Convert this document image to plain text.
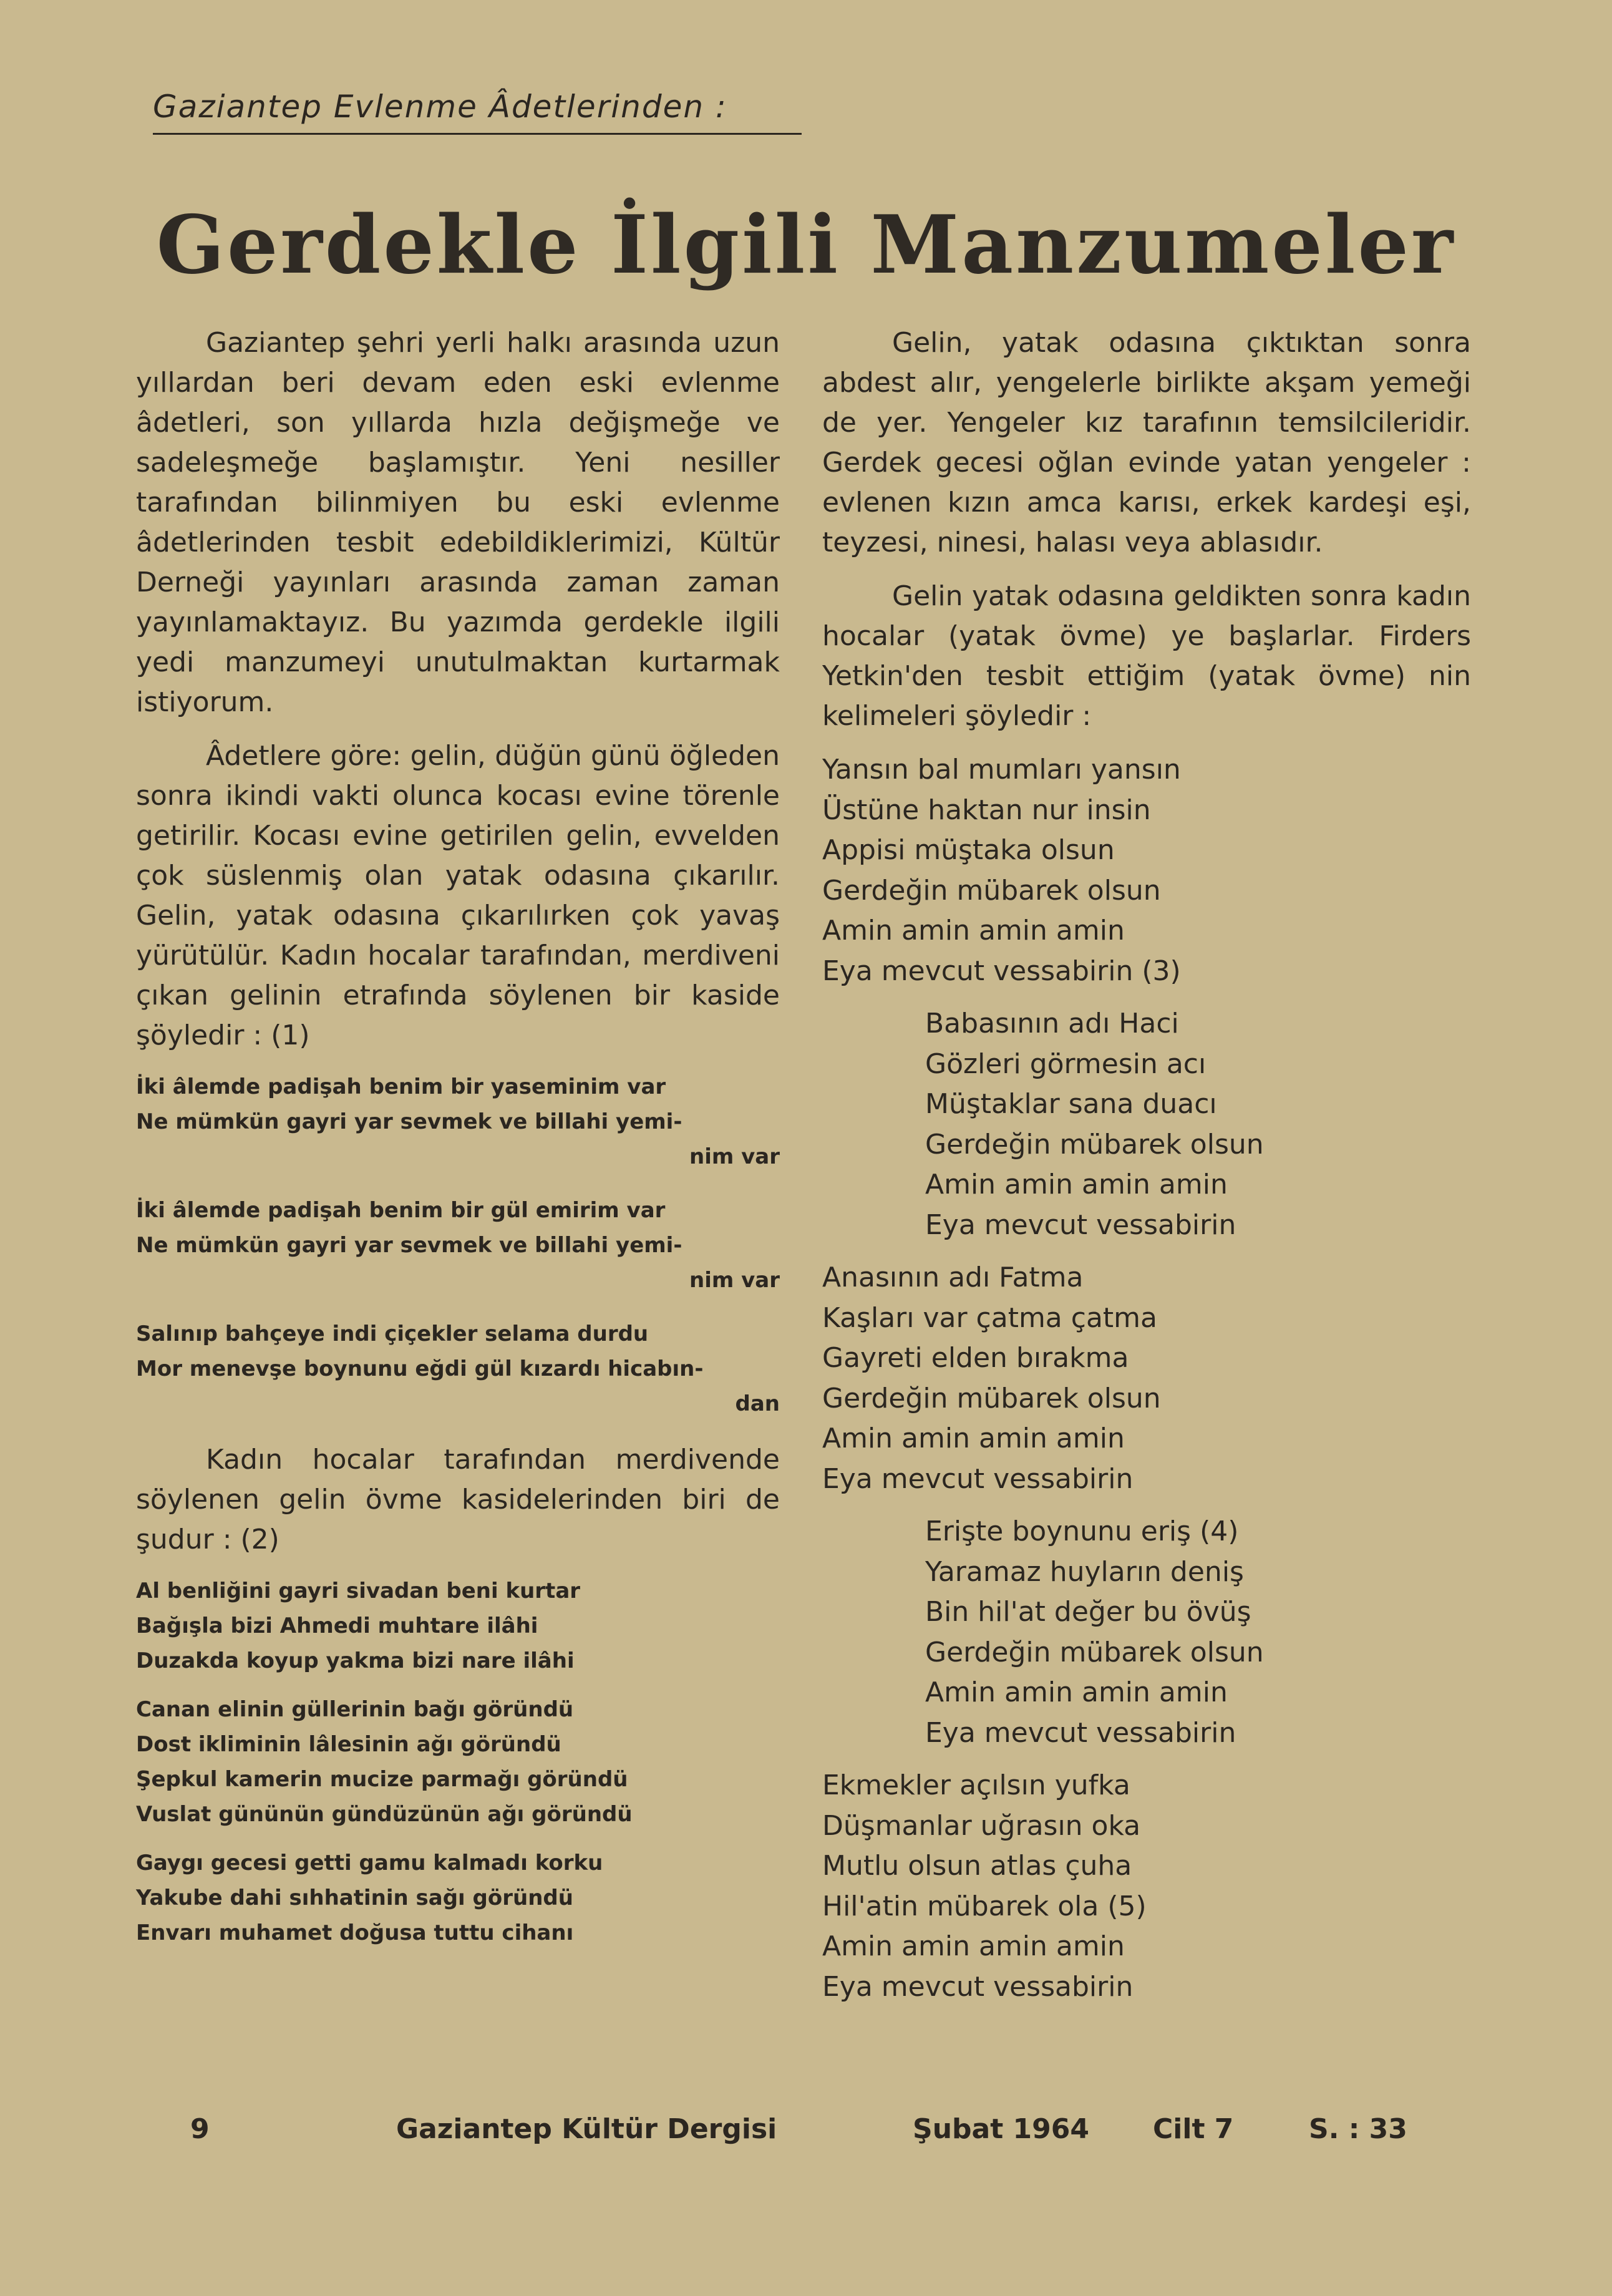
Gaziantep Evlenme Âdetlerinden :
Gerdekle İlgili Manzumeler

Gaziantep şehri yerli halkı arasında uzun yıllardan beri devam eden eski evlenme âdetleri, son yıllarda hızla değişmeğe ve sadeleşmeğe başlamıştır. Yeni nesiller tarafından bilinmiyen bu eski evlenme âdetlerinden tesbit edebildiklerimizi, Kültür Derneği yayınları arasında zaman zaman yayınlamaktayız. Bu yazımda gerdekle ilgili yedi manzumeyi unutulmaktan kurtarmak istiyorum.

Âdetlere göre: gelin, düğün günü öğleden sonra ikindi vakti olunca kocası evine törenle getirilir. Kocası evine getirilen gelin, evvelden çok süslenmiş olan yatak odasına çıkarılır. Gelin, yatak odasına çıkarılırken çok yavaş yürütülür. Kadın hocalar tarafından, merdiveni çıkan gelinin etrafında söylenen bir kaside şöyledir : (1)

İki âlemde padişah benim bir yaseminim var
Ne mümkün gayri yar sevmek ve billahi yemi-
nim var
İki âlemde padişah benim bir gül emirim var
Ne mümkün gayri yar sevmek ve billahi yemi-
nim var
Salınıp bahçeye indi çiçekler selama durdu
Mor menevşe boynunu eğdi gül kızardı hicabın-
dan

Kadın hocalar tarafından merdivende söylenen gelin övme kasidelerinden biri de şudur : (2)

Al benliğini gayri sivadan beni kurtar
Bağışla bizi Ahmedi muhtare ilâhi
Duzakda koyup yakma bizi nare ilâhi
Canan elinin güllerinin bağı göründü
Dost ikliminin lâlesinin ağı göründü
Şepkul kamerin mucize parmağı göründü
Vuslat gününün gündüzünün ağı göründü
Gaygı gecesi getti gamu kalmadı korku
Yakube dahi sıhhatinin sağı göründü
Envarı muhamet doğusa tuttu cihanı

Gelin, yatak odasına çıktıktan sonra abdest alır, yengelerle birlikte akşam yemeği de yer. Yengeler kız tarafının temsilcileridir. Gerdek gecesi oğlan evinde yatan yengeler : evlenen kızın amca karısı, erkek kardeşi eşi, teyzesi, ninesi, halası veya ablasıdır.

Gelin yatak odasına geldikten sonra kadın hocalar (yatak övme) ye başlarlar. Firders Yetkin'den tesbit ettiğim (yatak övme) nin kelimeleri şöyledir :

Yansın bal mumları yansın
Üstüne haktan nur insin
Appisi müştaka olsun
Gerdeğin mübarek olsun
Amin amin amin amin
Eya mevcut vessabirin (3)
Babasının adı Haci
Gözleri görmesin acı
Müştaklar sana duacı
Gerdeğin mübarek olsun
Amin amin amin amin
Eya mevcut vessabirin
Anasının adı Fatma
Kaşları var çatma çatma
Gayreti elden bırakma
Gerdeğin mübarek olsun
Amin amin amin amin
Eya mevcut vessabirin
Erişte boynunu eriş (4)
Yaramaz huyların deniş
Bin hil'at değer bu övüş
Gerdeğin mübarek olsun
Amin amin amin amin
Eya mevcut vessabirin
Ekmekler açılsın yufka
Düşmanlar uğrasın oka
Mutlu olsun atlas çuha
Hil'atin mübarek ola (5)
Amin amin amin amin
Eya mevcut vessabirin
9	Gaziantep Kültür Dergisi	Şubat 1964 Cilt 7	S. : 33
